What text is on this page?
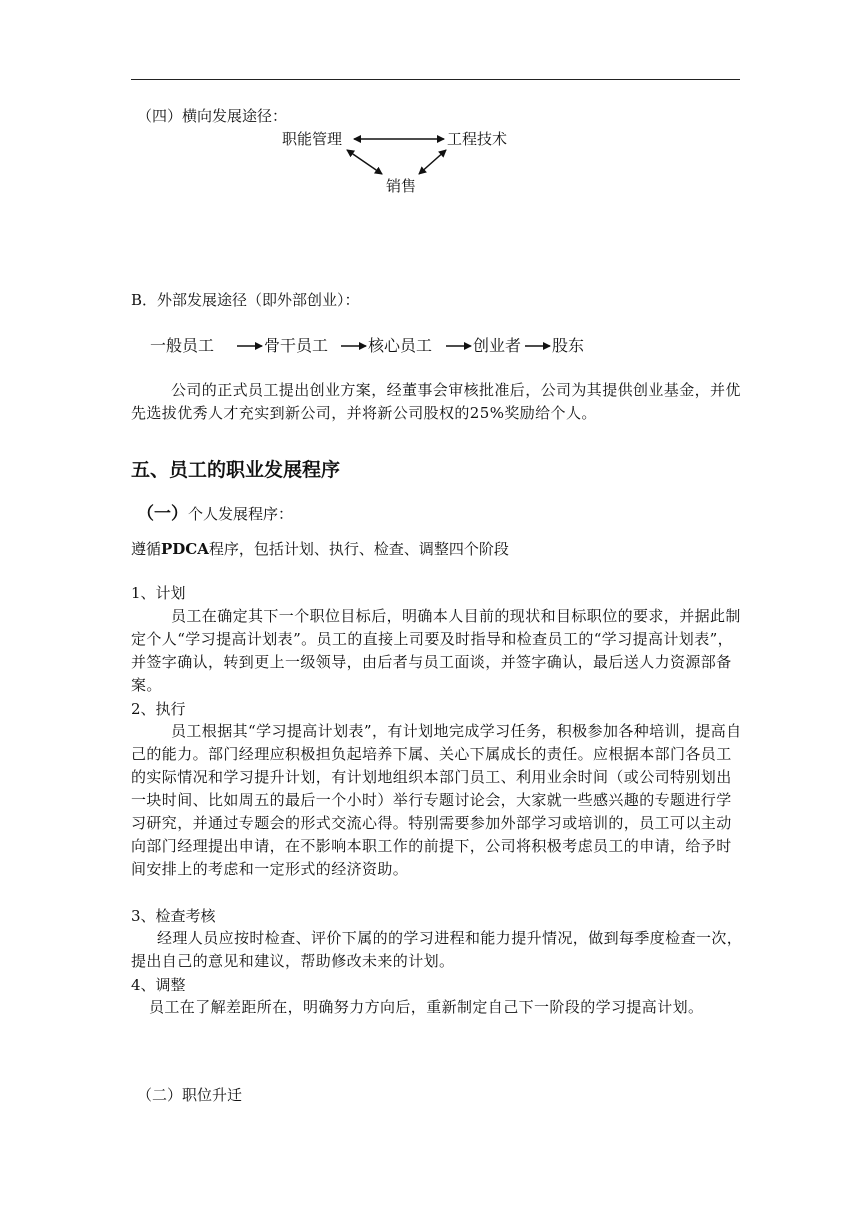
（四）横向发展途径：
职能管理	工程技术
销售
B．外部发展途径（即外部创业）：
一般员工	骨干员工 核心员工	创业者 股东
公司的正式员工提出创业方案，经董事会审核批准后，公司为其提供创业基金，并优先选拔优秀人才充实到新公司，并将新公司股权的25%奖励给个人。
五、员工的职业发展程序
（一）个人发展程序：
遵循PDCA程序，包括计划、执行、检查、调整四个阶段
1、计划
员工在确定其下一个职位目标后，明确本人目前的现状和目标职位的要求，并据此制定个人“学习提高计划表”。员工的直接上司要及时指导和检查员工的“学习提高计划表”，并签字确认，转到更上一级领导，由后者与员工面谈，并签字确认，最后送人力资源部备案。
2、执行
员工根据其“学习提高计划表”，有计划地完成学习任务，积极参加各种培训，提高自己的能力。部门经理应积极担负起培养下属、关心下属成长的责任。应根据本部门各员工的实际情况和学习提升计划，有计划地组织本部门员工、利用业余时间（或公司特别划出一块时间、比如周五的最后一个小时）举行专题讨论会，大家就一些感兴趣的专题进行学习研究，并通过专题会的形式交流心得。特别需要参加外部学习或培训的，员工可以主动向部门经理提出申请，在不影响本职工作的前提下，公司将积极考虑员工的申请，给予时间安排上的考虑和一定形式的经济资助。
3、检查考核
经理人员应按时检查、评价下属的的学习进程和能力提升情况，做到每季度检查一次，提出自己的意见和建议，帮助修改未来的计划。
4、调整
员工在了解差距所在，明确努力方向后，重新制定自己下一阶段的学习提高计划。
（二）职位升迁
